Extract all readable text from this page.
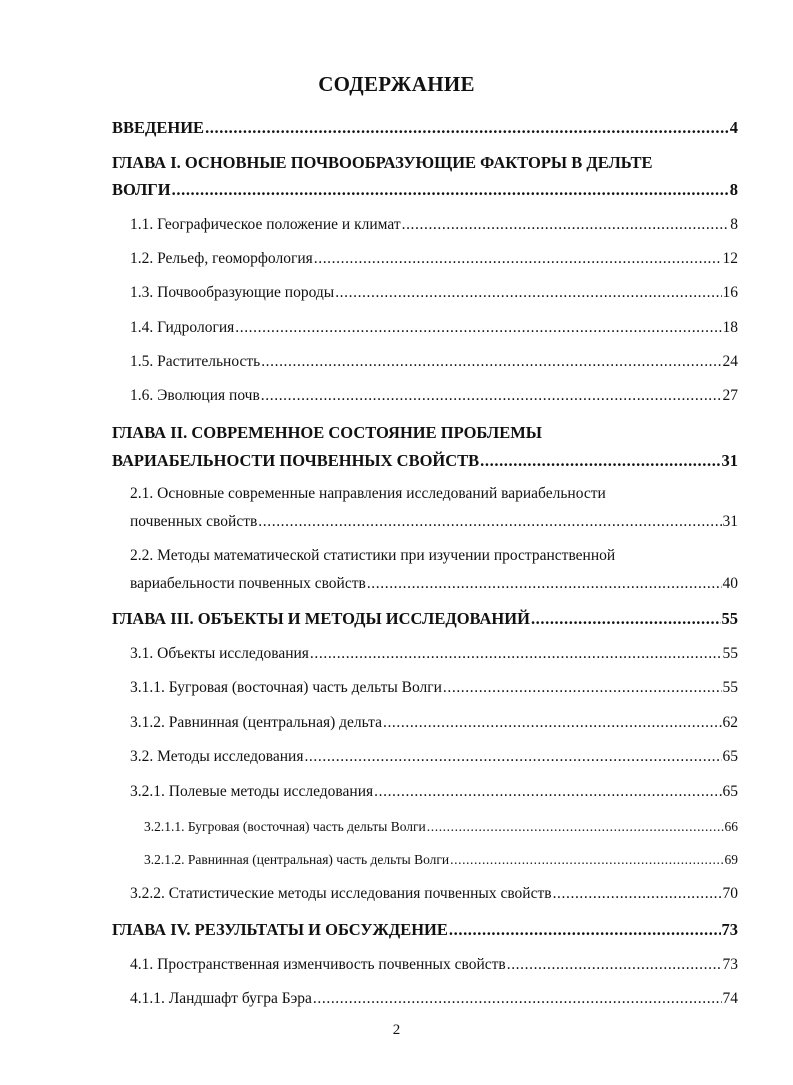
СОДЕРЖАНИЕ
ВВЕДЕНИЕ .....	4
ГЛАВА I. ОСНОВНЫЕ ПОЧВООБРАЗУЮЩИЕ ФАКТОРЫ В ДЕЛЬТЕ
ВОЛГИ .....	8
1.1. Географическое положение и климат .....	8
1.2. Рельеф, геоморфология .....	12
1.3. Почвообразующие породы .....	16
1.4. Гидрология .....	18
1.5. Растительность .....	24
1.6. Эволюция почв .....	27
ГЛАВА II. СОВРЕМЕННОЕ СОСТОЯНИЕ ПРОБЛЕМЫ
ВАРИАБЕЛЬНОСТИ ПОЧВЕННЫХ СВОЙСТВ .....	31
2.1. Основные современные направления исследований вариабельности
почвенных свойств .....	31
2.2. Методы математической статистики при изучении пространственной
вариабельности почвенных свойств .....	40
ГЛАВА III. ОБЪЕКТЫ И МЕТОДЫ ИССЛЕДОВАНИЙ .....	55
3.1. Объекты исследования .....	55
3.1.1. Бугровая (восточная) часть дельты Волги .....	55
3.1.2. Равнинная (центральная) дельта .....	62
3.2. Методы исследования .....	65
3.2.1. Полевые методы исследования .....	65
3.2.1.1. Бугровая (восточная) часть дельты Волги .....	66
3.2.1.2. Равнинная (центральная) часть дельты Волги .....	69
3.2.2. Статистические методы исследования почвенных свойств .....	70
ГЛАВА IV. РЕЗУЛЬТАТЫ И ОБСУЖДЕНИЕ .....	73
4.1. Пространственная изменчивость почвенных свойств .....	73
4.1.1. Ландшафт бугра Бэра .....	74
2
